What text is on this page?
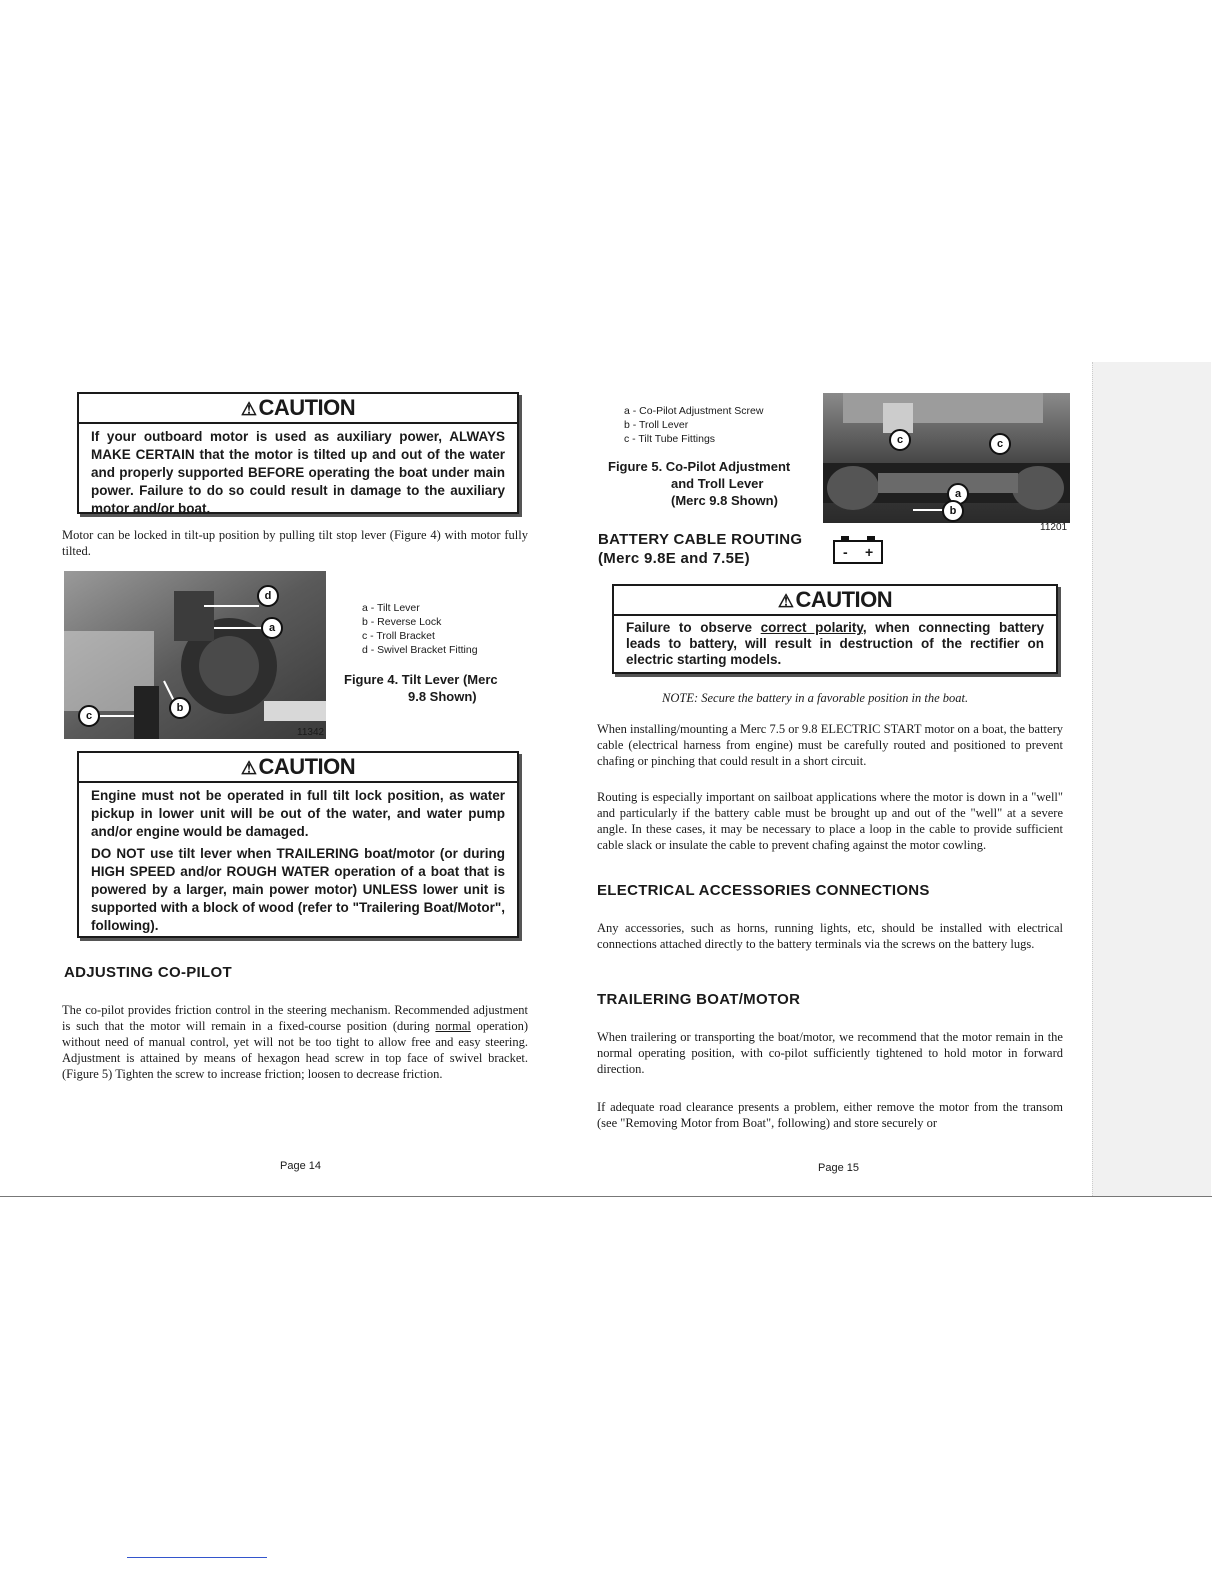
⚠CAUTION
If your outboard motor is used as auxiliary power, ALWAYS MAKE CERTAIN that the motor is tilted up and out of the water and properly supported BEFORE operating the boat under main power. Failure to do so could result in damage to the auxiliary motor and/or boat.
Motor can be locked in tilt-up position by pulling tilt stop lever (Figure 4) with motor fully tilted.
d
a
c
b
11342
a - Tilt Lever
b - Reverse Lock
c - Troll Bracket
d - Swivel Bracket Fitting
Figure 4. Tilt Lever (Merc
9.8 Shown)
⚠CAUTION

Engine must not be operated in full tilt lock position, as water pickup in lower unit will be out of the water, and water pump and/or engine would be damaged.

DO NOT use tilt lever when TRAILERING boat/motor (or during HIGH SPEED and/or ROUGH WATER operation of a boat that is powered by a larger, main power motor) UNLESS lower unit is supported with a block of wood (refer to "Trailering Boat/Motor", following).

ADJUSTING CO-PILOT
The co-pilot provides friction control in the steering mechanism. Recommended adjustment is such that the motor will remain in a fixed-course position (during normal operation) without need of manual control, yet will not be too tight to allow free and easy steering. Adjustment is attained by means of hexagon head screw in top face of swivel bracket. (Figure 5) Tighten the screw to increase friction; loosen to decrease friction.
Page 14
a - Co-Pilot Adjustment Screw
b - Troll Lever
c - Tilt Tube Fittings
Figure 5. Co-Pilot Adjustment
and Troll Lever
(Merc 9.8 Shown)
c	c
a
b
11201
BATTERY CABLE ROUTING
(Merc 9.8E and 7.5E)	- +
⚠CAUTION
Failure to observe correct polarity, when connecting battery leads to battery, will result in destruction of the rectifier on electric starting models.
NOTE: Secure the battery in a favorable position in the boat.
When installing/mounting a Merc 7.5 or 9.8 ELECTRIC START motor on a boat, the battery cable (electrical harness from engine) must be carefully routed and positioned to prevent chafing or pinching that could result in a short circuit.
Routing is especially important on sailboat applications where the motor is down in a "well" and particularly if the battery cable must be brought up and out of the "well" at a severe angle. In these cases, it may be necessary to place a loop in the cable to provide sufficient cable slack or insulate the cable to prevent chafing against the motor cowling.
ELECTRICAL ACCESSORIES CONNECTIONS
Any accessories, such as horns, running lights, etc, should be installed with electrical connections attached directly to the battery terminals via the screws on the battery lugs.
TRAILERING BOAT/MOTOR
When trailering or transporting the boat/motor, we recommend that the motor remain in the normal operating position, with co-pilot sufficiently tightened to hold motor in forward direction.
If adequate road clearance presents a problem, either remove the motor from the transom (see "Removing Motor from Boat", following) and store securely or
Page 15
